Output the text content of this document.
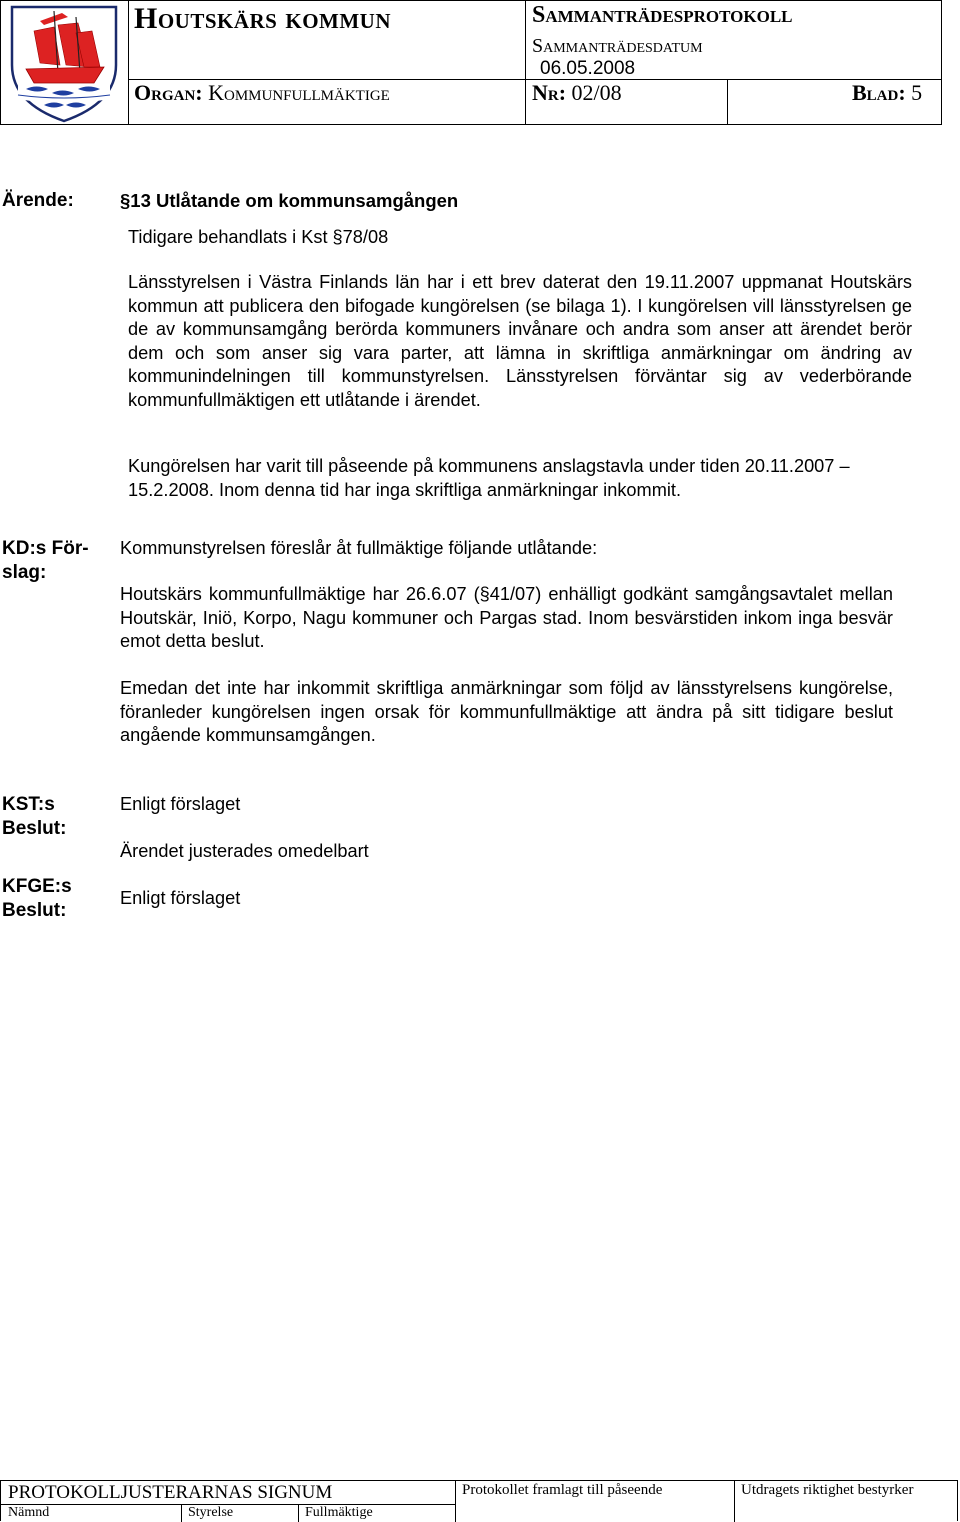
Houtskärs kommun	Sammanträdesprotokoll
Sammanträdesdatum
06.05.2008
Organ: Kommunfullmäktige	Nr: 02/08	Blad: 5
Ärende: §13 Utlåtande om kommunsamgången
Tidigare behandlats i Kst §78/08
Länsstyrelsen i Västra Finlands län har i ett brev daterat den 19.11.2007 uppmanat Houtskärs kommun att publicera den bifogade kungörelsen (se bilaga 1). I kungörelsen vill länsstyrelsen ge de av kommunsamgång berörda kommuners invånare och andra som anser att ärendet berör dem och som anser sig vara parter, att lämna in skriftliga anmärkningar om ändring av kommunindelningen till kommunstyrelsen. Länsstyrelsen förväntar sig av vederbörande kommunfullmäktigen ett utlåtande i ärendet.
Kungörelsen har varit till påseende på kommunens anslagstavla under tiden 20.11.2007 – 15.2.2008. Inom denna tid har inga skriftliga anmärkningar inkommit.
KD:s För-
slag:
Kommunstyrelsen föreslår åt fullmäktige följande utlåtande:
Houtskärs kommunfullmäktige har 26.6.07 (§41/07) enhälligt godkänt samgångsavtalet mellan Houtskär, Iniö, Korpo, Nagu kommuner och Pargas stad. Inom besvärstiden inkom inga besvär emot detta beslut.
Emedan det inte har inkommit skriftliga anmärkningar som följd av länsstyrelsens kungörelse, föranleder kungörelsen ingen orsak för kommunfullmäktige att ändra på sitt tidigare beslut angående kommunsamgången.
KST:s
Beslut:
Enligt förslaget
Ärendet justerades omedelbart
KFGE:s
Beslut:
Enligt förslaget
PROTOKOLLJUSTERARNAS SIGNUM
Nämnd	Styrelse	Fullmäktige
Protokollet framlagt till påseende	Utdragets riktighet bestyrker
